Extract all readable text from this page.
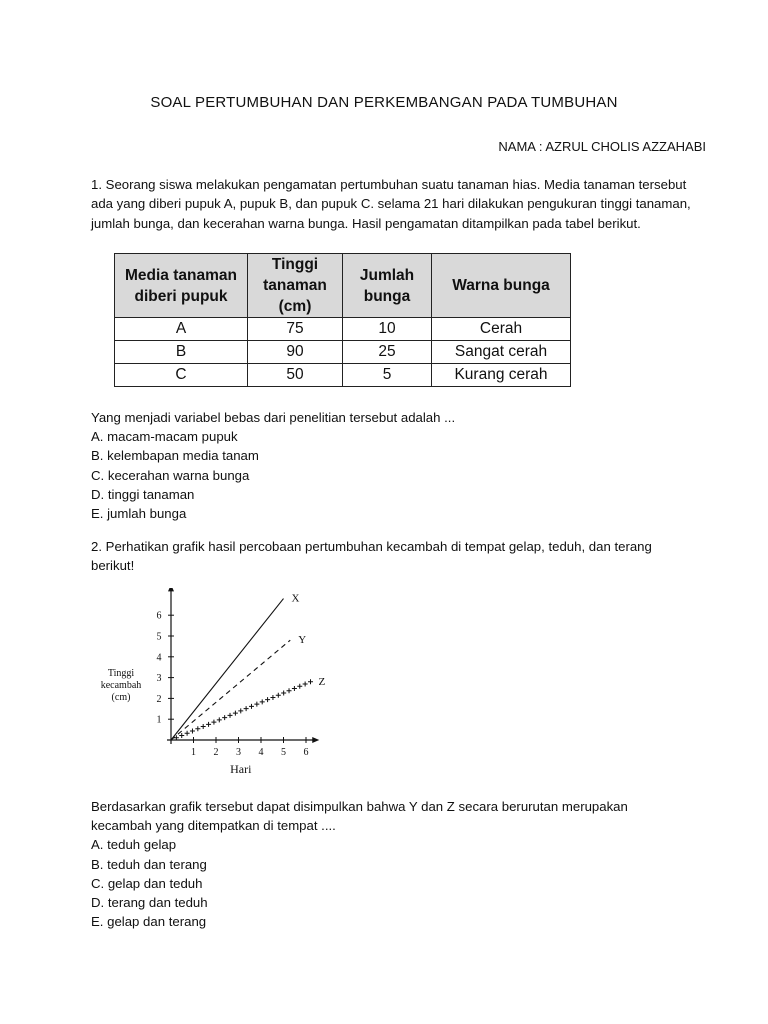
SOAL PERTUMBUHAN DAN PERKEMBANGAN PADA TUMBUHAN
NAMA : AZRUL CHOLIS AZZAHABI
1. Seorang siswa melakukan pengamatan pertumbuhan suatu tanaman hias. Media tanaman tersebut ada yang diberi pupuk A, pupuk B, dan pupuk C. selama 21 hari dilakukan pengukuran tinggi tanaman, jumlah bunga, dan kecerahan warna bunga. Hasil pengamatan ditampilkan pada tabel berikut.
Media tanaman diberi pupuk	Tinggi tanaman (cm)	Jumlah bunga	Warna bunga
A	75	10	Cerah
B	90	25	Sangat cerah
C	50	5	Kurang cerah
Yang menjadi variabel bebas dari penelitian tersebut adalah ...
A. macam-macam pupuk
B. kelembapan media tanam
C. kecerahan warna bunga
D. tinggi tanaman
E. jumlah bunga
2. Perhatikan grafik hasil percobaan pertumbuhan kecambah di tempat gelap, teduh, dan terang berikut!
1 2 3 4 5 6
1
2
3
4
5
6
X
Y
Z
Hari
Tinggi kecambah (cm)
Berdasarkan grafik tersebut dapat disimpulkan bahwa Y dan Z secara berurutan merupakan kecambah yang ditempatkan di tempat ....
A. teduh gelap
B. teduh dan terang
C. gelap dan teduh
D. terang dan teduh
E. gelap dan terang
